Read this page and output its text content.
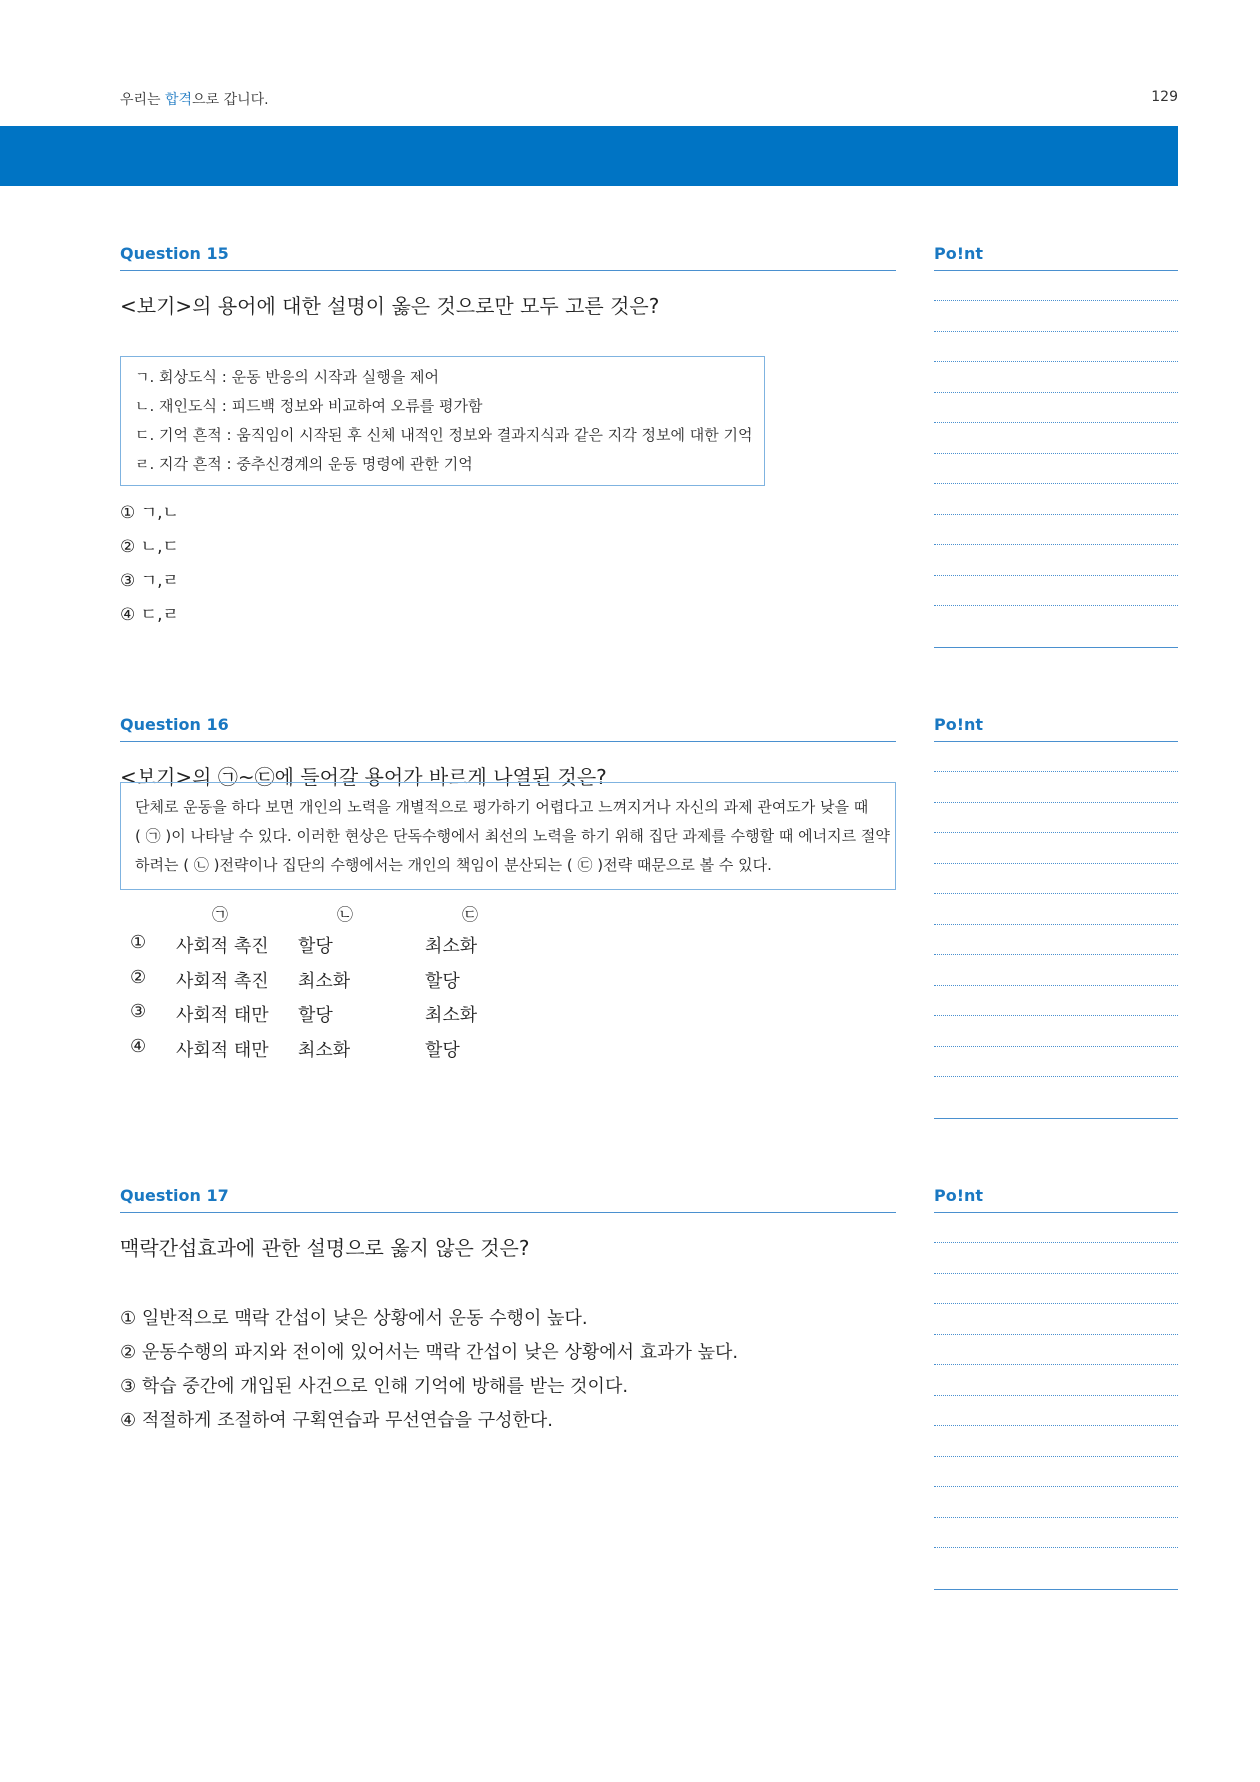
우리는 합격으로 갑니다.	129
Question 15
<보기>의 용어에 대한 설명이 옳은 것으로만 모두 고른 것은?
ㄱ. 회상도식 : 운동 반응의 시작과 실행을 제어
ㄴ. 재인도식 : 피드백 정보와 비교하여 오류를 평가함
ㄷ. 기억 흔적 : 움직임이 시작된 후 신체 내적인 정보와 결과지식과 같은 지각 정보에 대한 기억
ㄹ. 지각 흔적 : 중추신경계의 운동 명령에 관한 기억
① ㄱ,ㄴ
② ㄴ,ㄷ
③ ㄱ,ㄹ
④ ㄷ,ㄹ
Po!nt
Question 16
<보기>의 ㉠~㉢에 들어갈 용어가 바르게 나열된 것은?
단체로 운동을 하다 보면 개인의 노력을 개별적으로 평가하기 어렵다고 느껴지거나 자신의 과제 관여도가 낮을 때
( ㉠ )이 나타날 수 있다. 이러한 현상은 단독수행에서 최선의 노력을 하기 위해 집단 과제를 수행할 때 에너지르 절약
하려는 ( ㉡ )전략이나 집단의 수행에서는 개인의 책임이 분산되는 ( ㉢ )전략 때문으로 볼 수 있다.
㉠	㉡	㉢
① 사회적 촉진 할당	최소화
② 사회적 촉진 최소화	할당
③ 사회적 태만 할당	최소화
④ 사회적 태만 최소화	할당
Po!nt
Question 17
맥락간섭효과에 관한 설명으로 옳지 않은 것은?
① 일반적으로 맥락 간섭이 낮은 상황에서 운동 수행이 높다.
② 운동수행의 파지와 전이에 있어서는 맥락 간섭이 낮은 상황에서 효과가 높다.
③ 학습 중간에 개입된 사건으로 인해 기억에 방해를 받는 것이다.
④ 적절하게 조절하여 구획연습과 무선연습을 구성한다.
Po!nt
